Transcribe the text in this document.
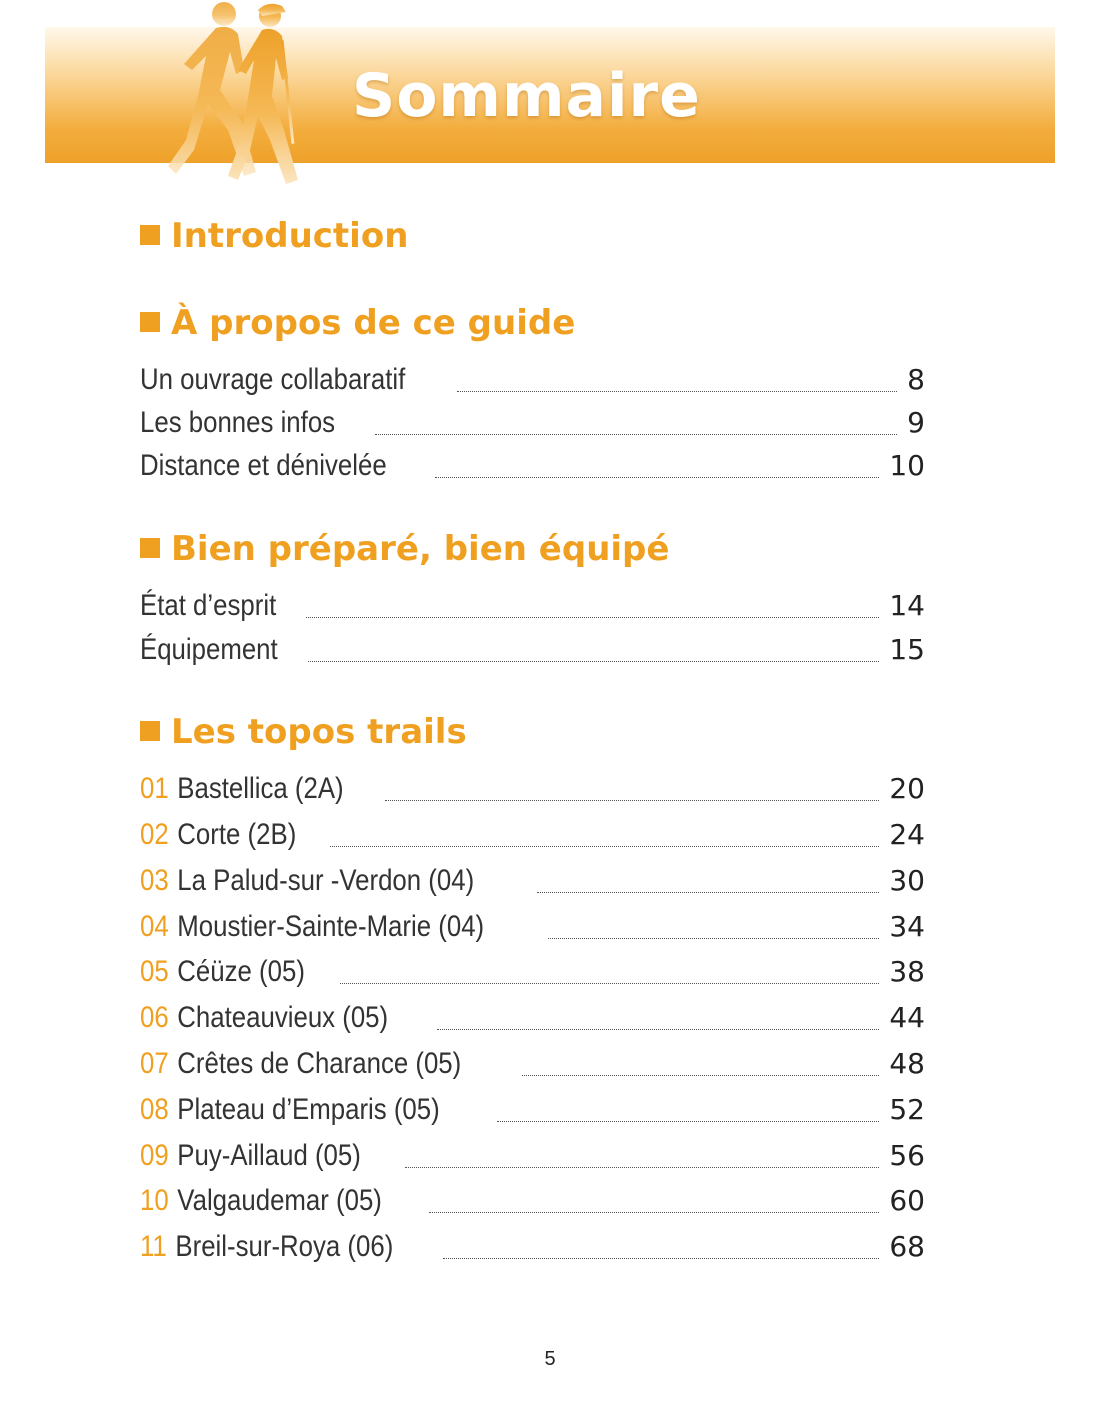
Sommaire
Introduction
À propos de ce guide
Un ouvrage collabaratif	8
Les bonnes infos	9
Distance et dénivelée	10
Bien préparé, bien équipé
État d’esprit	14
Équipement	15
Les topos trails
01 Bastellica (2A)	20
02 Corte (2B)	24
03 La Palud-sur -Verdon (04)	30
04 Moustier-Sainte-Marie (04)	34
05 Céüze (05)	38
06 Chateauvieux (05)	44
07 Crêtes de Charance (05)	48
08 Plateau d’Emparis (05)	52
09 Puy-Aillaud (05)	56
10 Valgaudemar (05)	60
11 Breil-sur-Roya (06)	68
5
